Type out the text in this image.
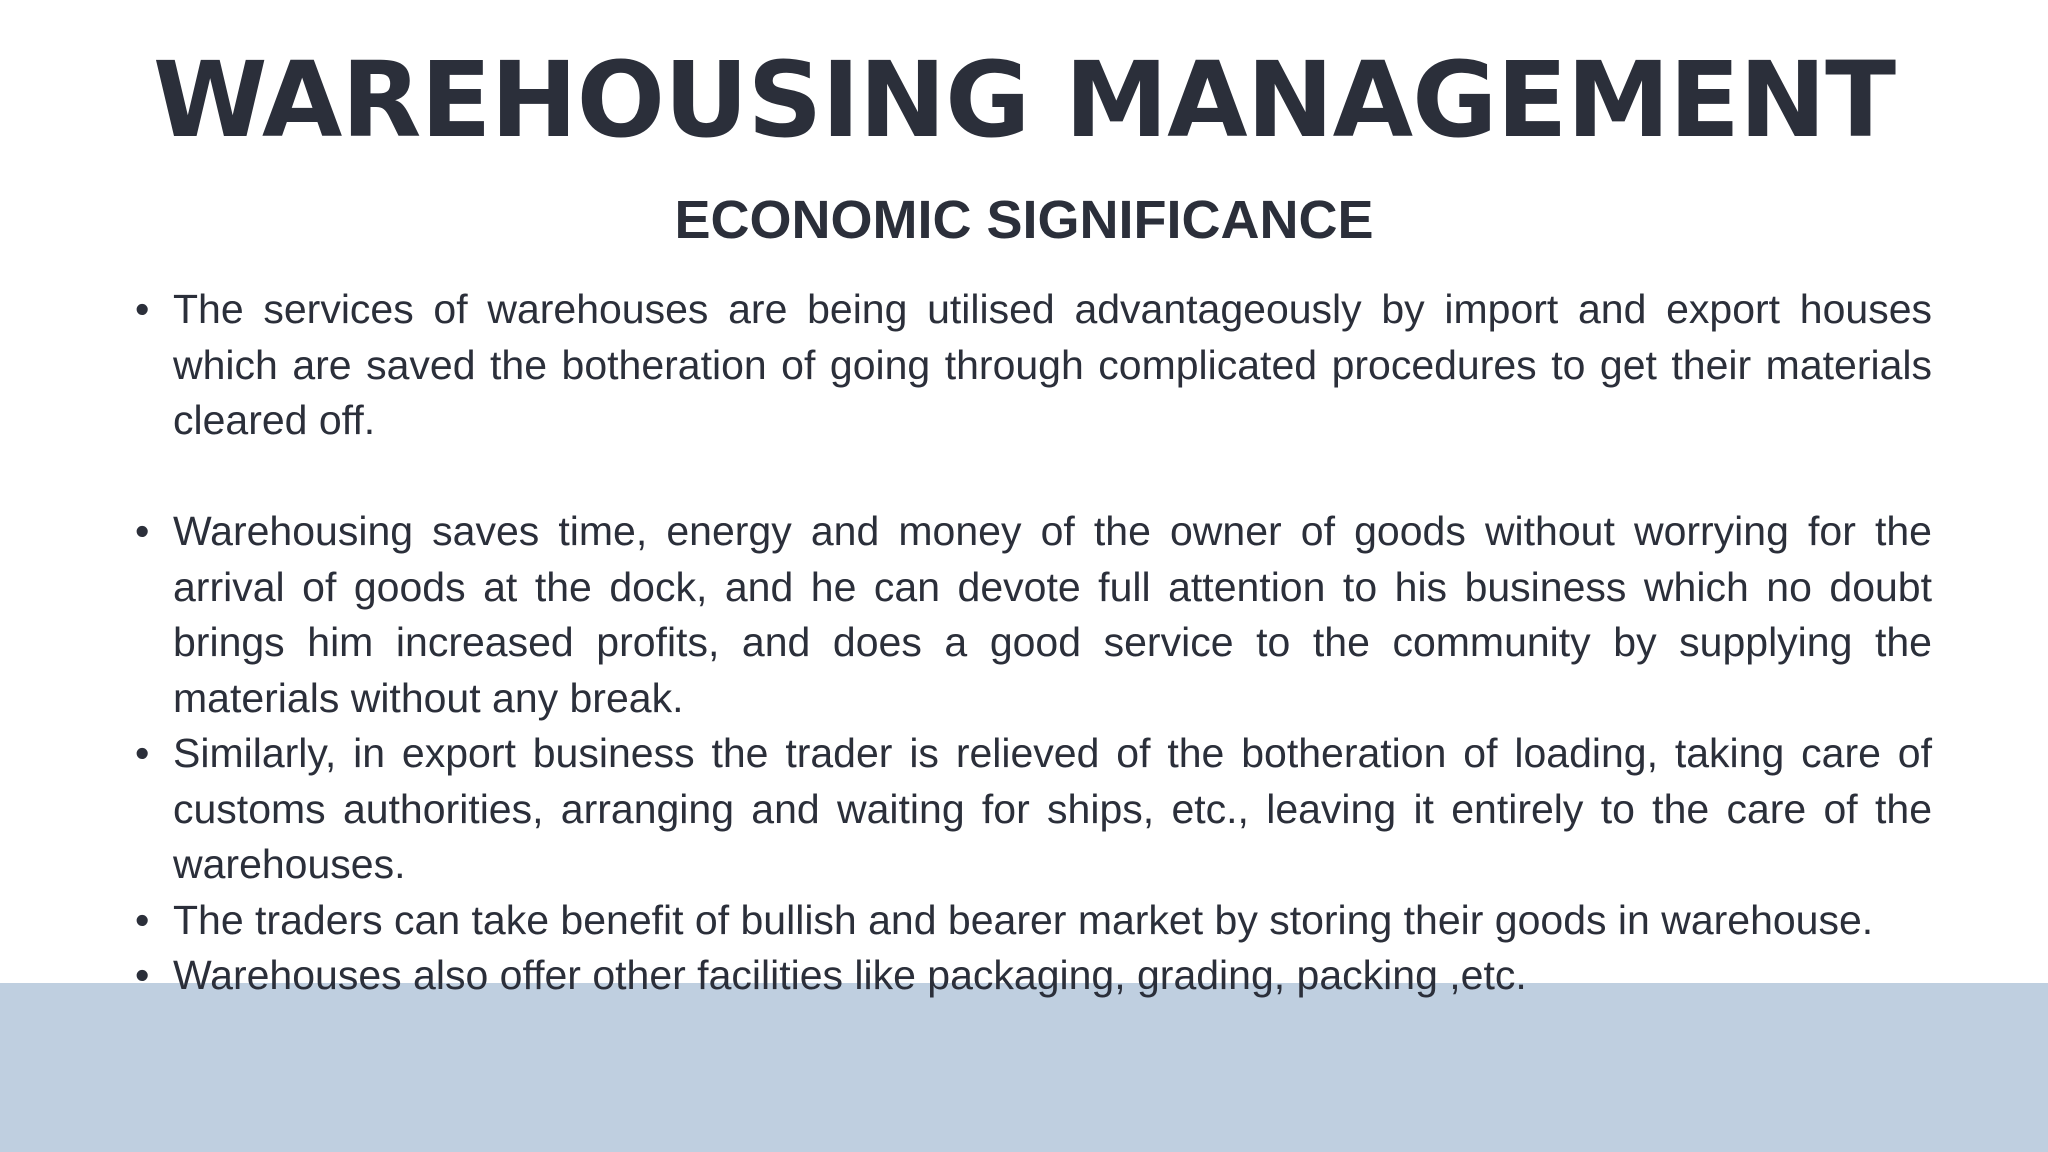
WAREHOUSING MANAGEMENT
ECONOMIC SIGNIFICANCE
• The services of warehouses are being utilised advantageously by import and export houses which are saved the botheration of going through complicated procedures to get their materials cleared off.
• Warehousing saves time, energy and money of the owner of goods without worrying for the arrival of goods at the dock, and he can devote full attention to his business which no doubt brings him increased profits, and does a good service to the community by supplying the materials without any break.
• Similarly, in export business the trader is relieved of the botheration of loading, taking care of customs authorities, arranging and waiting for ships, etc., leaving it entirely to the care of the warehouses.
• The traders can take benefit of bullish and bearer market by storing their goods in warehouse.
• Warehouses also offer other facilities like packaging, grading, packing ,etc.
